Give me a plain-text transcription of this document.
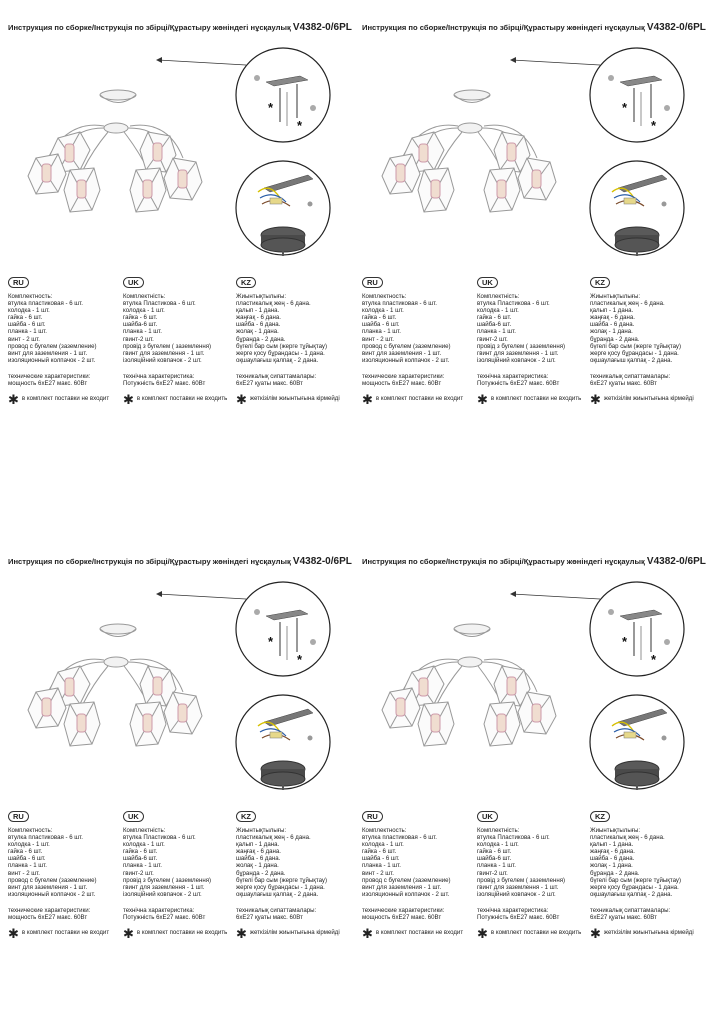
Инструкция по сборке/Інструкція по збірці/Құрастыру жөніндегі нұсқаулық V4382-0/6PL
*
*
RU
Комплектность:
втулка пластиковая - 6 шт.
колодка - 1 шт.
гайка - 6 шт.
шайба - 6 шт.
планка - 1 шт.
винт - 2 шт.
провод с бугелем (заземление)
винт для заземления - 1 шт.
изоляционный колпачок - 2 шт.
технические характеристики:
мощность 6хЕ27 макс. 60Вт
✱ в комплект поставки не входит
UK
Комплектність:
втулка Пластикова - 6 шт.
колодка - 1 шт.
гайка - 6 шт.
шайба-6 шт.
планка - 1 шт.
гвинт-2 шт.
провід з бугелем ( заземлення)
гвинт для заземлення - 1 шт.
ізоляційний ковпачок - 2 шт.
технічна характеристика:
Потужність 6хЕ27 макс. 60Вт
✱ в комплект поставки не входить
KZ
Жиынтықтылығы:
пластикалық жең - 6 дана.
қалып - 1 дана.
жаңғақ - 6 дана.
шайба - 6 дана.
жолақ - 1 дана.
бұранда - 2 дана.
бүгелі бар сым (жерге тұйықтау)
жерге қосу бұрандасы - 1 дана.
оқшаулағыш қалпақ - 2 дана.
техникалық сипаттамалары:
6хЕ27 қуаты макс. 60Вт
✱ жеткізілім жиынтығына кірмейді
Инструкция по сборке/Інструкція по збірці/Құрастыру жөніндегі нұсқаулық V4382-0/6PL
*
*
RU
Комплектность:
втулка пластиковая - 6 шт.
колодка - 1 шт.
гайка - 6 шт.
шайба - 6 шт.
планка - 1 шт.
винт - 2 шт.
провод с бугелем (заземление)
винт для заземления - 1 шт.
изоляционный колпачок - 2 шт.
технические характеристики:
мощность 6хЕ27 макс. 60Вт
✱ в комплект поставки не входит
UK
Комплектність:
втулка Пластикова - 6 шт.
колодка - 1 шт.
гайка - 6 шт.
шайба-6 шт.
планка - 1 шт.
гвинт-2 шт.
провід з бугелем ( заземлення)
гвинт для заземлення - 1 шт.
ізоляційний ковпачок - 2 шт.
технічна характеристика:
Потужність 6хЕ27 макс. 60Вт
✱ в комплект поставки не входить
KZ
Жиынтықтылығы:
пластикалық жең - 6 дана.
қалып - 1 дана.
жаңғақ - 6 дана.
шайба - 6 дана.
жолақ - 1 дана.
бұранда - 2 дана.
бүгелі бар сым (жерге тұйықтау)
жерге қосу бұрандасы - 1 дана.
оқшаулағыш қалпақ - 2 дана.
техникалық сипаттамалары:
6хЕ27 қуаты макс. 60Вт
✱ жеткізілім жиынтығына кірмейді
Инструкция по сборке/Інструкція по збірці/Құрастыру жөніндегі нұсқаулық V4382-0/6PL
*
*
RU
Комплектность:
втулка пластиковая - 6 шт.
колодка - 1 шт.
гайка - 6 шт.
шайба - 6 шт.
планка - 1 шт.
винт - 2 шт.
провод с бугелем (заземление)
винт для заземления - 1 шт.
изоляционный колпачок - 2 шт.
технические характеристики:
мощность 6хЕ27 макс. 60Вт
✱ в комплект поставки не входит
UK
Комплектність:
втулка Пластикова - 6 шт.
колодка - 1 шт.
гайка - 6 шт.
шайба-6 шт.
планка - 1 шт.
гвинт-2 шт.
провід з бугелем ( заземлення)
гвинт для заземлення - 1 шт.
ізоляційний ковпачок - 2 шт.
технічна характеристика:
Потужність 6хЕ27 макс. 60Вт
✱ в комплект поставки не входить
KZ
Жиынтықтылығы:
пластикалық жең - 6 дана.
қалып - 1 дана.
жаңғақ - 6 дана.
шайба - 6 дана.
жолақ - 1 дана.
бұранда - 2 дана.
бүгелі бар сым (жерге тұйықтау)
жерге қосу бұрандасы - 1 дана.
оқшаулағыш қалпақ - 2 дана.
техникалық сипаттамалары:
6хЕ27 қуаты макс. 60Вт
✱ жеткізілім жиынтығына кірмейді
Инструкция по сборке/Інструкція по збірці/Құрастыру жөніндегі нұсқаулық V4382-0/6PL
*
*
RU
Комплектность:
втулка пластиковая - 6 шт.
колодка - 1 шт.
гайка - 6 шт.
шайба - 6 шт.
планка - 1 шт.
винт - 2 шт.
провод с бугелем (заземление)
винт для заземления - 1 шт.
изоляционный колпачок - 2 шт.
технические характеристики:
мощность 6хЕ27 макс. 60Вт
✱ в комплект поставки не входит
UK
Комплектність:
втулка Пластикова - 6 шт.
колодка - 1 шт.
гайка - 6 шт.
шайба-6 шт.
планка - 1 шт.
гвинт-2 шт.
провід з бугелем ( заземлення)
гвинт для заземлення - 1 шт.
ізоляційний ковпачок - 2 шт.
технічна характеристика:
Потужність 6хЕ27 макс. 60Вт
✱ в комплект поставки не входить
KZ
Жиынтықтылығы:
пластикалық жең - 6 дана.
қалып - 1 дана.
жаңғақ - 6 дана.
шайба - 6 дана.
жолақ - 1 дана.
бұранда - 2 дана.
бүгелі бар сым (жерге тұйықтау)
жерге қосу бұрандасы - 1 дана.
оқшаулағыш қалпақ - 2 дана.
техникалық сипаттамалары:
6хЕ27 қуаты макс. 60Вт
✱ жеткізілім жиынтығына кірмейді
